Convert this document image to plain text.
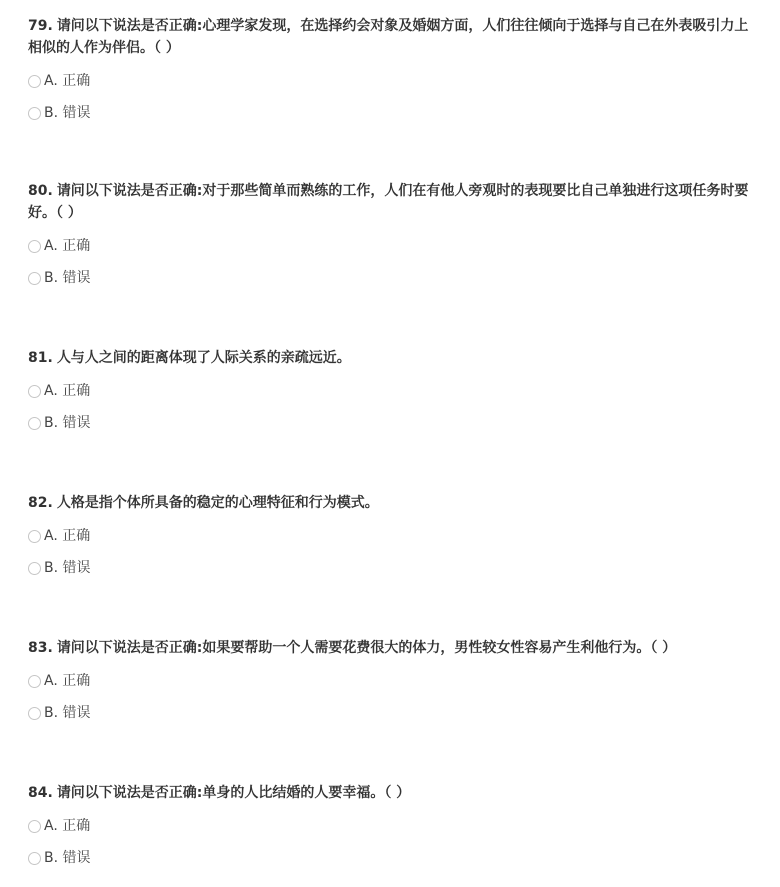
79. 请问以下说法是否正确:心理学家发现，在选择约会对象及婚姻方面，人们往往倾向于选择与自己在外表吸引力上相似的人作为伴侣。（ ）

A. 正确
B. 错误

80. 请问以下说法是否正确:对于那些简单而熟练的工作，人们在有他人旁观时的表现要比自己单独进行这项任务时要好。（ ）

A. 正确
B. 错误

81. 人与人之间的距离体现了人际关系的亲疏远近。

A. 正确
B. 错误

82. 人格是指个体所具备的稳定的心理特征和行为模式。

A. 正确
B. 错误

83. 请问以下说法是否正确:如果要帮助一个人需要花费很大的体力，男性较女性容易产生利他行为。（ ）

A. 正确
B. 错误

84. 请问以下说法是否正确:单身的人比结婚的人要幸福。（ ）

A. 正确
B. 错误
